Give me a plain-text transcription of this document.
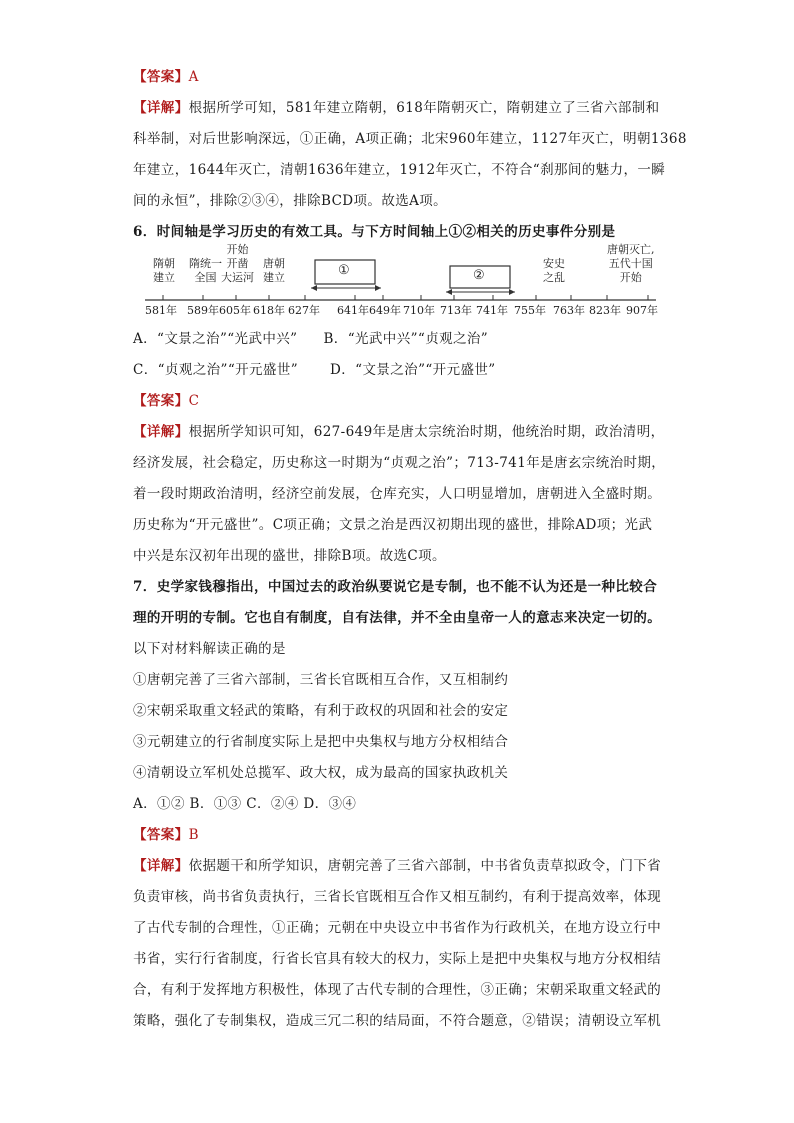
【答案】A
【详解】根据所学可知，581年建立隋朝，618年隋朝灭亡，隋朝建立了三省六部制和
科举制，对后世影响深远，①正确，A项正确；北宋960年建立，1127年灭亡，明朝1368
年建立，1644年灭亡，清朝1636年建立，1912年灭亡，不符合“刹那间的魅力，一瞬
间的永恒”，排除②③④，排除BCD项。故选A项。
6．时间轴是学习历史的有效工具。与下方时间轴上①②相关的历史事件分别是
①	②
隋朝
建立
隋统一
全国
开始
开凿
大运河
唐朝
建立
安史
之乱
唐朝灭亡,
五代十国
开始
581年 589年 605年 618年 627年 641年 649年 710年 713年 741年 755年 763年 823年 907年
A．“文景之治”“光武中兴” B．“光武中兴”“贞观之治”
C．“贞观之治”“开元盛世” D．“文景之治”“开元盛世”
【答案】C
【详解】根据所学知识可知，627-649年是唐太宗统治时期，他统治时期，政治清明，
经济发展，社会稳定，历史称这一时期为“贞观之治”；713-741年是唐玄宗统治时期，
着一段时期政治清明，经济空前发展，仓库充实，人口明显增加，唐朝进入全盛时期。
历史称为“开元盛世”。C项正确；文景之治是西汉初期出现的盛世，排除AD项；光武
中兴是东汉初年出现的盛世，排除B项。故选C项。
7．史学家钱穆指出，中国过去的政治纵要说它是专制，也不能不认为还是一种比较合
理的开明的专制。它也自有制度，自有法律，并不全由皇帝一人的意志来决定一切的。
以下对材料解读正确的是
①唐朝完善了三省六部制，三省长官既相互合作，又互相制约
②宋朝采取重文轻武的策略，有利于政权的巩固和社会的安定
③元朝建立的行省制度实际上是把中央集权与地方分权相结合
④清朝设立军机处总揽军、政大权，成为最高的国家执政机关
A．①② B．①③ C．②④ D．③④
【答案】B
【详解】依据题干和所学知识，唐朝完善了三省六部制，中书省负责草拟政令，门下省
负责审核，尚书省负责执行，三省长官既相互合作又相互制约，有利于提高效率，体现
了古代专制的合理性，①正确；元朝在中央设立中书省作为行政机关，在地方设立行中
书省，实行行省制度，行省长官具有较大的权力，实际上是把中央集权与地方分权相结
合，有利于发挥地方积极性，体现了古代专制的合理性，③正确；宋朝采取重文轻武的
策略，强化了专制集权，造成三冗二积的结局面，不符合题意，②错误；清朝设立军机
